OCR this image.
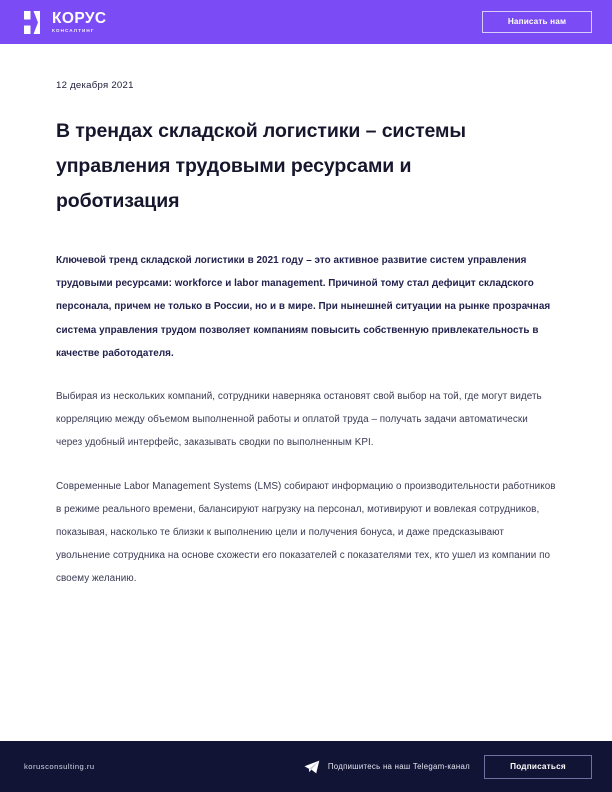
КОРУС
КОНСАЛТИНГ
Написать нам
12 декабря 2021
В трендах складской логистики – системы управления трудовыми ресурсами и роботизация

Ключевой тренд складской логистики в 2021 году – это активное развитие систем управления трудовыми ресурсами: workforce и labor management. Причиной тому стал дефицит складского персонала, причем не только в России, но и в мире. При нынешней ситуации на рынке прозрачная система управления трудом позволяет компаниям повысить собственную привлекательность в качестве работодателя.

Выбирая из нескольких компаний, сотрудники наверняка остановят свой выбор на той, где могут видеть корреляцию между объемом выполненной работы и оплатой труда – получать задачи автоматически через удобный интерфейс, заказывать сводки по выполненным KPI.

Современные Labor Management Systems (LMS) собирают информацию о производительности работников в режиме реального времени, балансируют нагрузку на персонал, мотивируют и вовлекая сотрудников, показывая, насколько те близки к выполнению цели и получения бонуса, и даже предсказывают увольнение сотрудника на основе схожести его показателей с показателями тех, кто ушел из компании по своему желанию.

korusconsulting.ru	Подпишитесь на наш Telegam-канал	Подписаться
